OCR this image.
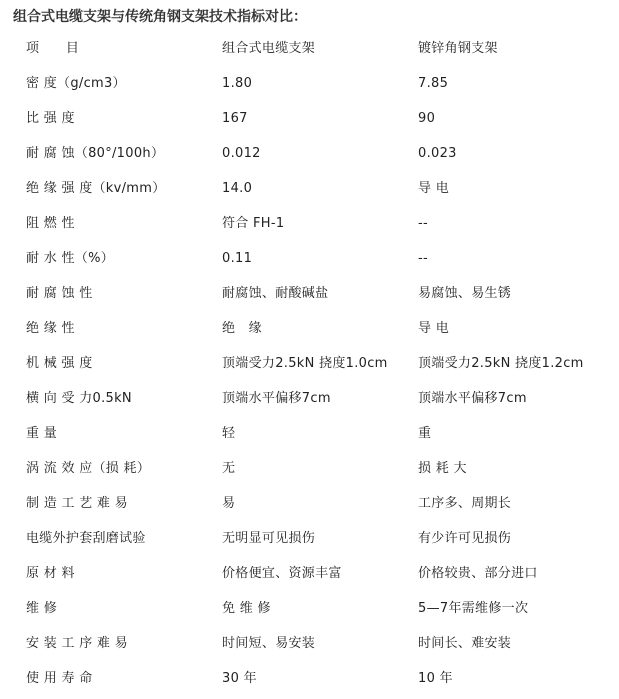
组合式电缆支架与传统角钢支架技术指标对比：
项　　目	组合式电缆支架	镀锌角钢支架
密 度（g/cm3）	1.80	7.85
比 强 度	167	90
耐 腐 蚀（80°/100h）	0.012	0.023
绝 缘 强 度（kv/mm）	14.0	导 电
阻 燃 性	符合 FH-1	--
耐 水 性（%）	0.11	--
耐 腐 蚀 性	耐腐蚀、耐酸碱盐	易腐蚀、易生锈
绝 缘 性	绝　缘	导 电
机 械 强 度	顶端受力2.5kN 挠度1.0cm	顶端受力2.5kN 挠度1.2cm
横 向 受 力0.5kN	顶端水平偏移7cm	顶端水平偏移7cm
重 量	轻	重
涡 流 效 应（损 耗）	无	损 耗 大
制 造 工 艺 难 易	易	工序多、周期长
电缆外护套刮磨试验	无明显可见损伤	有少许可见损伤
原 材 料	价格便宜、资源丰富	价格较贵、部分进口
维 修	免 维 修	5—7年需维修一次
安 装 工 序 难 易	时间短、易安装	时间长、难安装
使 用 寿 命	30 年	10 年
